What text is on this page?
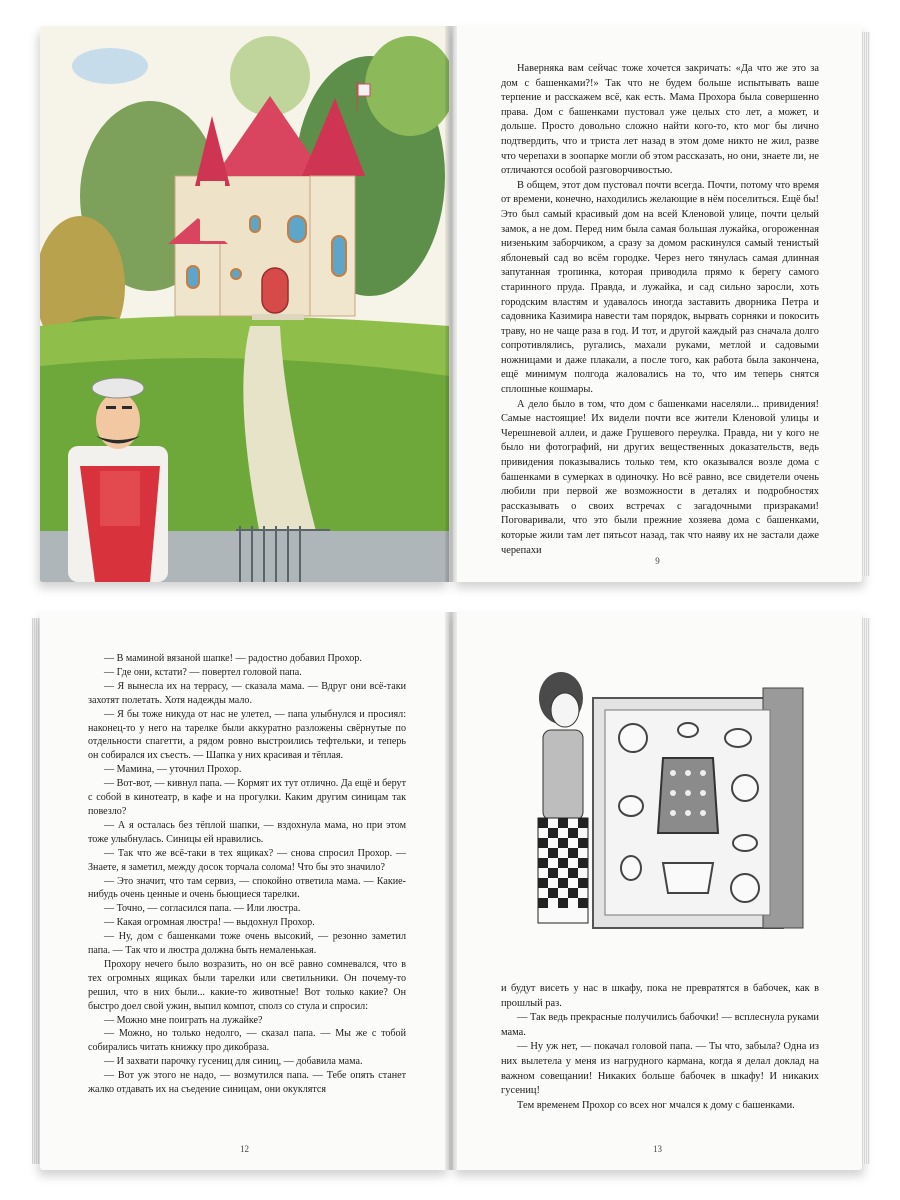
Наверняка вам сейчас тоже хочется закричать: «Да что же это за дом с башенками?!» Так что не будем больше испытывать ваше терпение и расскажем всё, как есть. Мама Прохора была совершенно права. Дом с башенками пустовал уже целых сто лет, а может, и дольше. Просто довольно сложно найти кого-то, кто мог бы лично подтвердить, что и триста лет назад в этом доме никто не жил, разве что черепахи в зоопарке могли об этом рассказать, но они, знаете ли, не отличаются особой разговорчивостью.

В общем, этот дом пустовал почти всегда. Почти, потому что время от времени, конечно, находились желающие в нём поселиться. Ещё бы! Это был самый красивый дом на всей Кленовой улице, почти целый замок, а не дом. Перед ним была самая большая лужайка, огороженная низеньким заборчиком, а сразу за домом раскинулся самый тенистый яблоневый сад во всём городке. Через него тянулась самая длинная запутанная тропинка, которая приводила прямо к берегу самого старинного пруда. Правда, и лужайка, и сад сильно заросли, хоть городским властям и удавалось иногда заставить дворника Петра и садовника Казимира навести там порядок, вырвать сорняки и покосить траву, но не чаще раза в год. И тот, и другой каждый раз сначала долго сопротивлялись, ругались, махали руками, метлой и садовыми ножницами и даже плакали, а после того, как работа была закончена, ещё минимум полгода жаловались на то, что им теперь снятся сплошные кошмары.

А дело было в том, что дом с башенками населяли... привидения! Самые настоящие! Их видели почти все жители Кленовой улицы и Черешневой аллеи, и даже Грушевого переулка. Правда, ни у кого не было ни фотографий, ни других вещественных доказательств, ведь привидения показывались только тем, кто оказывался возле дома с башенками в сумерках в одиночку. Но всё равно, все свидетели очень любили при первой же возможности в деталях и подробностях рассказывать о своих встречах с загадочными призраками! Поговаривали, что это были прежние хозяева дома с башенками, которые жили там лет пятьсот назад, так что наяву их не застали даже черепахи

9

— В маминой вязаной шапке! — радостно добавил Прохор.

— Где они, кстати? — повертел головой папа.

— Я вынесла их на террасу, — сказала мама. — Вдруг они всё-таки захотят полетать. Хотя надежды мало.

— Я бы тоже никуда от нас не улетел, — папа улыбнулся и просиял: наконец-то у него на тарелке были аккуратно разложены свёрнутые по отдельности спагетти, а рядом ровно выстроились тефтельки, и теперь он собирался их съесть. — Шапка у них красивая и тёплая.

— Мамина, — уточнил Прохор.

— Вот-вот, — кивнул папа. — Кормят их тут отлично. Да ещё и берут с собой в кинотеатр, в кафе и на прогулки. Каким другим синицам так повезло?

— А я осталась без тёплой шапки, — вздохнула мама, но при этом тоже улыбнулась. Синицы ей нравились.

— Так что же всё-таки в тех ящиках? — снова спросил Прохор. — Знаете, я заметил, между досок торчала солома! Что бы это значило?

— Это значит, что там сервиз, — спокойно ответила мама. — Какие-нибудь очень ценные и очень бьющиеся тарелки.

— Точно, — согласился папа. — Или люстра.

— Какая огромная люстра! — выдохнул Прохор.

— Ну, дом с башенками тоже очень высокий, — резонно заметил папа. — Так что и люстра должна быть немаленькая.

Прохору нечего было возразить, но он всё равно сомневался, что в тех огромных ящиках были тарелки или светильники. Он почему-то решил, что в них были... какие-то животные! Вот только какие? Он быстро доел свой ужин, выпил компот, сполз со стула и спросил:

— Можно мне поиграть на лужайке?

— Можно, но только недолго, — сказал папа. — Мы же с тобой собирались читать книжку про дикобраза.

— И захвати парочку гусениц для синиц, — добавила мама.

— Вот уж этого не надо, — возмутился папа. — Тебе опять станет жалко отдавать их на съедение синицам, они окуклятся

12

и будут висеть у нас в шкафу, пока не превратятся в бабочек, как в прошлый раз.

— Так ведь прекрасные получились бабочки! — всплеснула руками мама.

— Ну уж нет, — покачал головой папа. — Ты что, забыла? Одна из них вылетела у меня из нагрудного кармана, когда я делал доклад на важном совещании! Никаких больше бабочек в шкафу! И никаких гусениц!

Тем временем Прохор со всех ног мчался к дому с башенками.

13
